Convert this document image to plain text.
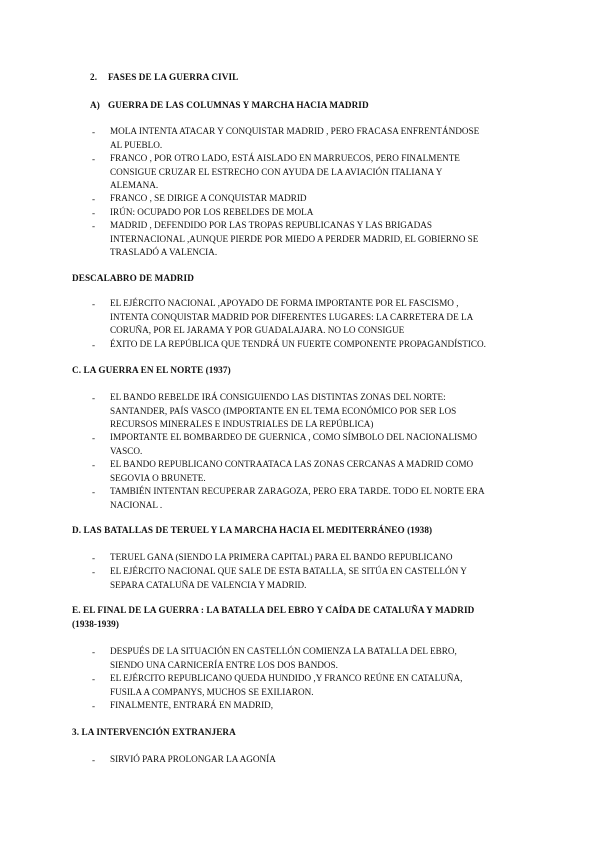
2. FASES DE LA GUERRA CIVIL
A) GUERRA DE LAS COLUMNAS Y MARCHA HACIA MADRID
- MOLA INTENTA ATACAR Y CONQUISTAR MADRID , PERO FRACASA ENFRENTÁNDOSE
AL PUEBLO.
- FRANCO , POR OTRO LADO, ESTÁ AISLADO EN MARRUECOS, PERO FINALMENTE
CONSIGUE CRUZAR EL ESTRECHO CON AYUDA DE LA AVIACIÓN ITALIANA Y
ALEMANA.
- FRANCO , SE DIRIGE A CONQUISTAR MADRID
- IRÚN: OCUPADO POR LOS REBELDES DE MOLA
- MADRID , DEFENDIDO POR LAS TROPAS REPUBLICANAS Y LAS BRIGADAS
INTERNACIONAL ,AUNQUE PIERDE POR MIEDO A PERDER MADRID, EL GOBIERNO SE
TRASLADÓ A VALENCIA.
DESCALABRO DE MADRID
- EL EJÉRCITO NACIONAL ,APOYADO DE FORMA IMPORTANTE POR EL FASCISMO ,
INTENTA CONQUISTAR MADRID POR DIFERENTES LUGARES: LA CARRETERA DE LA
CORUÑA, POR EL JARAMA Y POR GUADALAJARA. NO LO CONSIGUE
- ÉXITO DE LA REPÚBLICA QUE TENDRÁ UN FUERTE COMPONENTE PROPAGANDÍSTICO.
C. LA GUERRA EN EL NORTE (1937)
- EL BANDO REBELDE IRÁ CONSIGUIENDO LAS DISTINTAS ZONAS DEL NORTE:
SANTANDER, PAÍS VASCO (IMPORTANTE EN EL TEMA ECONÓMICO POR SER LOS
RECURSOS MINERALES E INDUSTRIALES DE LA REPÚBLICA)
- IMPORTANTE EL BOMBARDEO DE GUERNICA , COMO SÍMBOLO DEL NACIONALISMO
VASCO.
- EL BANDO REPUBLICANO CONTRAATACA LAS ZONAS CERCANAS A MADRID COMO
SEGOVIA O BRUNETE.
- TAMBIÉN INTENTAN RECUPERAR ZARAGOZA, PERO ERA TARDE. TODO EL NORTE ERA
NACIONAL .
D. LAS BATALLAS DE TERUEL Y LA MARCHA HACIA EL MEDITERRÁNEO (1938)
- TERUEL GANA (SIENDO LA PRIMERA CAPITAL) PARA EL BANDO REPUBLICANO
- EL EJÉRCITO NACIONAL QUE SALE DE ESTA BATALLA, SE SITÚA EN CASTELLÓN Y
SEPARA CATALUÑA DE VALENCIA Y MADRID.
E. EL FINAL DE LA GUERRA : LA BATALLA DEL EBRO Y CAÍDA DE CATALUÑA Y MADRID
(1938-1939)
- DESPUÉS DE LA SITUACIÓN EN CASTELLÓN COMIENZA LA BATALLA DEL EBRO,
SIENDO UNA CARNICERÍA ENTRE LOS DOS BANDOS.
- EL EJÉRCITO REPUBLICANO QUEDA HUNDIDO ,Y FRANCO REÚNE EN CATALUÑA,
FUSILA A COMPANYS, MUCHOS SE EXILIARON.
- FINALMENTE, ENTRARÁ EN MADRID,
3. LA INTERVENCIÓN EXTRANJERA
- SIRVIÓ PARA PROLONGAR LA AGONÍA
